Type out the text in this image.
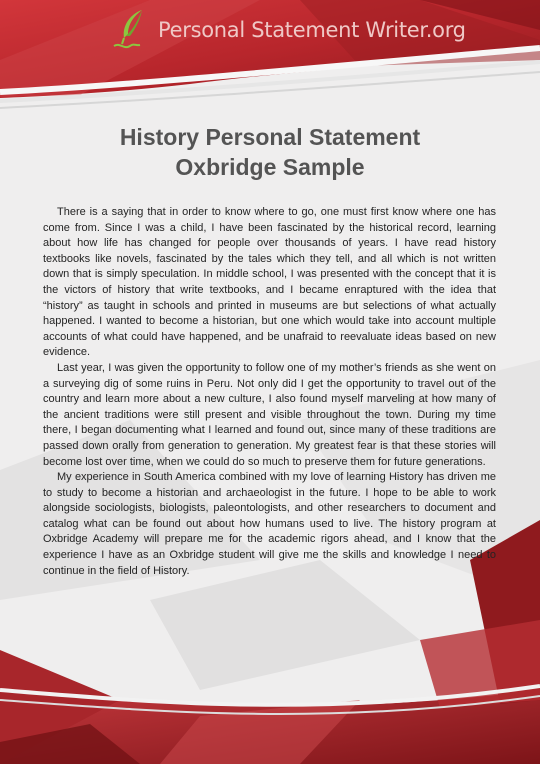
Personal Statement Writer.org
History Personal Statement
Oxbridge Sample

There is a saying that in order to know where to go, one must first know where one has come from. Since I was a child, I have been fascinated by the historical record, learning about how life has changed for people over thousands of years. I have read history textbooks like novels, fascinated by the tales which they tell, and all which is not written down that is simply speculation. In middle school, I was presented with the concept that it is the victors of history that write textbooks, and I became enraptured with the idea that “history” as taught in schools and printed in museums are but selections of what actually happened. I wanted to become a historian, but one which would take into account multiple accounts of what could have happened, and be unafraid to reevaluate ideas based on new evidence.

Last year, I was given the opportunity to follow one of my mother’s friends as she went on a surveying dig of some ruins in Peru. Not only did I get the opportunity to travel out of the country and learn more about a new culture, I also found myself marveling at how many of the ancient traditions were still present and visible throughout the town. During my time there, I began documenting what I learned and found out, since many of these traditions are passed down orally from generation to generation. My greatest fear is that these stories will become lost over time, when we could do so much to preserve them for future generations.

My experience in South America combined with my love of learning History has driven me to study to become a historian and archaeologist in the future. I hope to be able to work alongside sociologists, biologists, paleontologists, and other researchers to document and catalog what can be found out about how humans used to live. The history program at Oxbridge Academy will prepare me for the academic rigors ahead, and I know that the experience I have as an Oxbridge student will give me the skills and knowledge I need to continue in the field of History.
